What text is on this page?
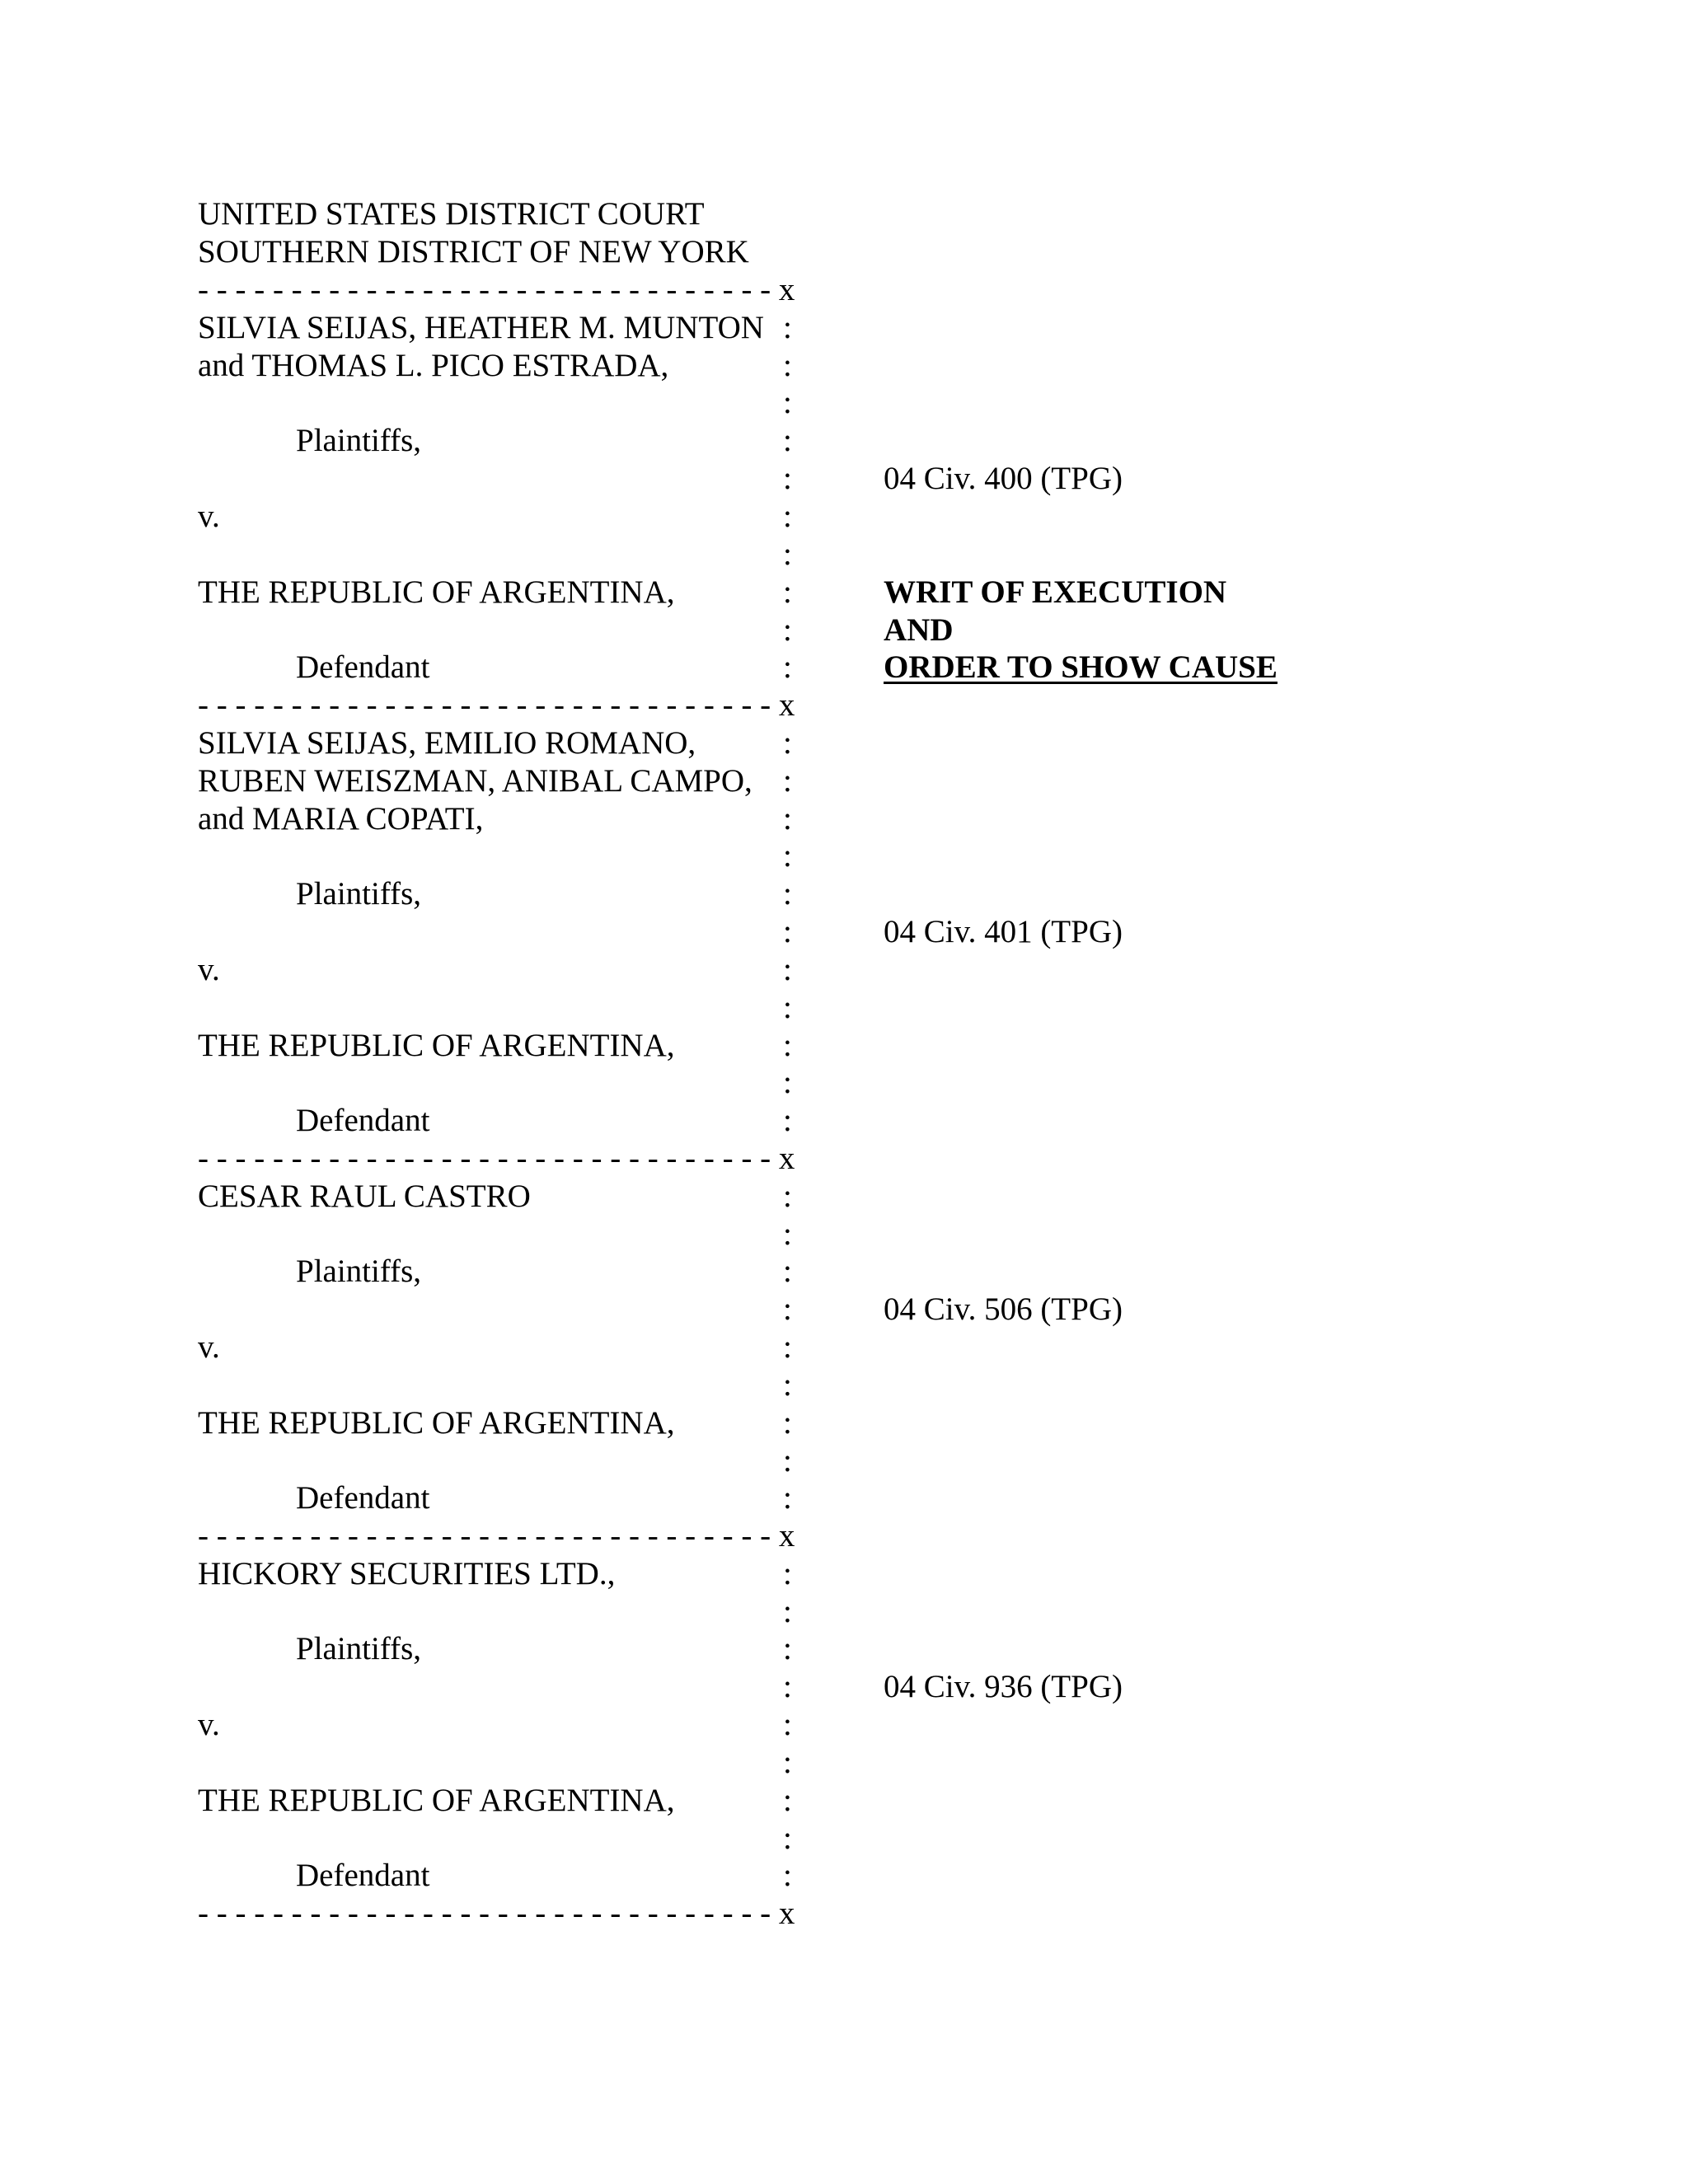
UNITED STATES DISTRICT COURT
SOUTHERN DISTRICT OF NEW YORK
- - - - - - - - - - - - - - - - - - - - - - - - - - - - - - - x
SILVIA SEIJAS, HEATHER M. MUNTON
and THOMAS L. PICO ESTRADA,
Plaintiffs,
v.
THE REPUBLIC OF ARGENTINA,
Defendant
04 Civ. 400 (TPG)
WRIT OF EXECUTION
AND
ORDER TO SHOW CAUSE
:
:
:
:
:
:
:
:
:
:
- - - - - - - - - - - - - - - - - - - - - - - - - - - - - - - x
SILVIA SEIJAS, EMILIO ROMANO,
RUBEN WEISZMAN, ANIBAL CAMPO,
and MARIA COPATI,
Plaintiffs,
v.
THE REPUBLIC OF ARGENTINA,
Defendant
04 Civ. 401 (TPG)
:
:
:
:
:
:
:
:
:
:
:
- - - - - - - - - - - - - - - - - - - - - - - - - - - - - - - x
CESAR RAUL CASTRO
Plaintiffs,
v.
THE REPUBLIC OF ARGENTINA,
Defendant
04 Civ. 506 (TPG)
:
:
:
:
:
:
:
:
:
- - - - - - - - - - - - - - - - - - - - - - - - - - - - - - - x
HICKORY SECURITIES LTD.,
Plaintiffs,
v.
THE REPUBLIC OF ARGENTINA,
Defendant
04 Civ. 936 (TPG)
:
:
:
:
:
:
:
:
:
- - - - - - - - - - - - - - - - - - - - - - - - - - - - - - - x
